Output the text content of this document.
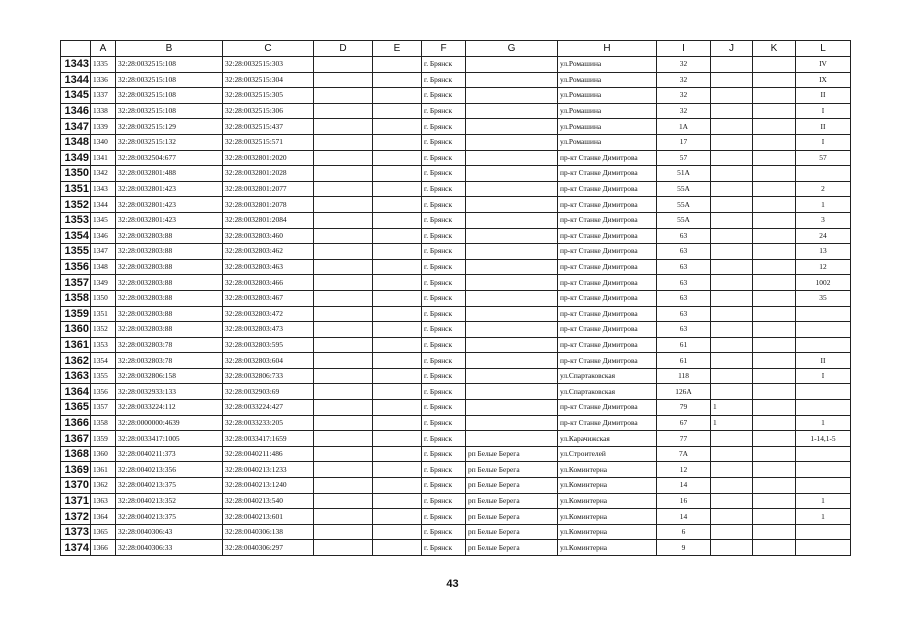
	A	B	C	D	E	F	G	H	I	J	K	L
1343	1335	32:28:0032515:108	32:28:0032515:303			г. Брянск		ул.Ромашина	32			IV
1344	1336	32:28:0032515:108	32:28:0032515:304			г. Брянск		ул.Ромашина	32			IX
1345	1337	32:28:0032515:108	32:28:0032515:305			г. Брянск		ул.Ромашина	32			II
1346	1338	32:28:0032515:108	32:28:0032515:306			г. Брянск		ул.Ромашина	32			I
1347	1339	32:28:0032515:129	32:28:0032515:437			г. Брянск		ул.Ромашина	1А			II
1348	1340	32:28:0032515:132	32:28:0032515:571			г. Брянск		ул.Ромашина	17			I
1349	1341	32:28:0032504:677	32:28:0032801:2020			г. Брянск		пр-кт Станке Димитрова	57			57
1350	1342	32:28:0032801:488	32:28:0032801:2028			г. Брянск		пр-кт Станке Димитрова	51А			
1351	1343	32:28:0032801:423	32:28:0032801:2077			г. Брянск		пр-кт Станке Димитрова	55А			2
1352	1344	32:28:0032801:423	32:28:0032801:2078			г. Брянск		пр-кт Станке Димитрова	55А			1
1353	1345	32:28:0032801:423	32:28:0032801:2084			г. Брянск		пр-кт Станке Димитрова	55А			3
1354	1346	32:28:0032803:88	32:28:0032803:460			г. Брянск		пр-кт Станке Димитрова	63			24
1355	1347	32:28:0032803:88	32:28:0032803:462			г. Брянск		пр-кт Станке Димитрова	63			13
1356	1348	32:28:0032803:88	32:28:0032803:463			г. Брянск		пр-кт Станке Димитрова	63			12
1357	1349	32:28:0032803:88	32:28:0032803:466			г. Брянск		пр-кт Станке Димитрова	63			1002
1358	1350	32:28:0032803:88	32:28:0032803:467			г. Брянск		пр-кт Станке Димитрова	63			35
1359	1351	32:28:0032803:88	32:28:0032803:472			г. Брянск		пр-кт Станке Димитрова	63			
1360	1352	32:28:0032803:88	32:28:0032803:473			г. Брянск		пр-кт Станке Димитрова	63			
1361	1353	32:28:0032803:78	32:28:0032803:595			г. Брянск		пр-кт Станке Димитрова	61			
1362	1354	32:28:0032803:78	32:28:0032803:604			г. Брянск		пр-кт Станке Димитрова	61			II
1363	1355	32:28:0032806:158	32:28:0032806:733			г. Брянск		ул.Спартаковская	118			I
1364	1356	32:28:0032933:133	32:28:0032903:69			г. Брянск		ул.Спартаковская	126А			
1365	1357	32:28:0033224:112	32:28:0033224:427			г. Брянск		пр-кт Станке Димитрова	79	1		
1366	1358	32:28:0000000:4639	32:28:0033233:205			г. Брянск		пр-кт Станке Димитрова	67	1		1
1367	1359	32:28:0033417:1005	32:28:0033417:1659			г. Брянск		ул.Карачижская	77			1-14,1-5
1368	1360	32:28:0040211:373	32:28:0040211:486			г. Брянск	рп Белые Берега	ул.Строителей	7А			
1369	1361	32:28:0040213:356	32:28:0040213:1233			г. Брянск	рп Белые Берега	ул.Коминтерна	12			
1370	1362	32:28:0040213:375	32:28:0040213:1240			г. Брянск	рп Белые Берега	ул.Коминтерна	14			
1371	1363	32:28:0040213:352	32:28:0040213:540			г. Брянск	рп Белые Берега	ул.Коминтерна	16			1
1372	1364	32:28:0040213:375	32:28:0040213:601			г. Брянск	рп Белые Берега	ул.Коминтерна	14			1
1373	1365	32:28:0040306:43	32:28:0040306:138			г. Брянск	рп Белые Берега	ул.Коминтерна	6			
1374	1366	32:28:0040306:33	32:28:0040306:297			г. Брянск	рп Белые Берега	ул.Коминтерна	9			
43
